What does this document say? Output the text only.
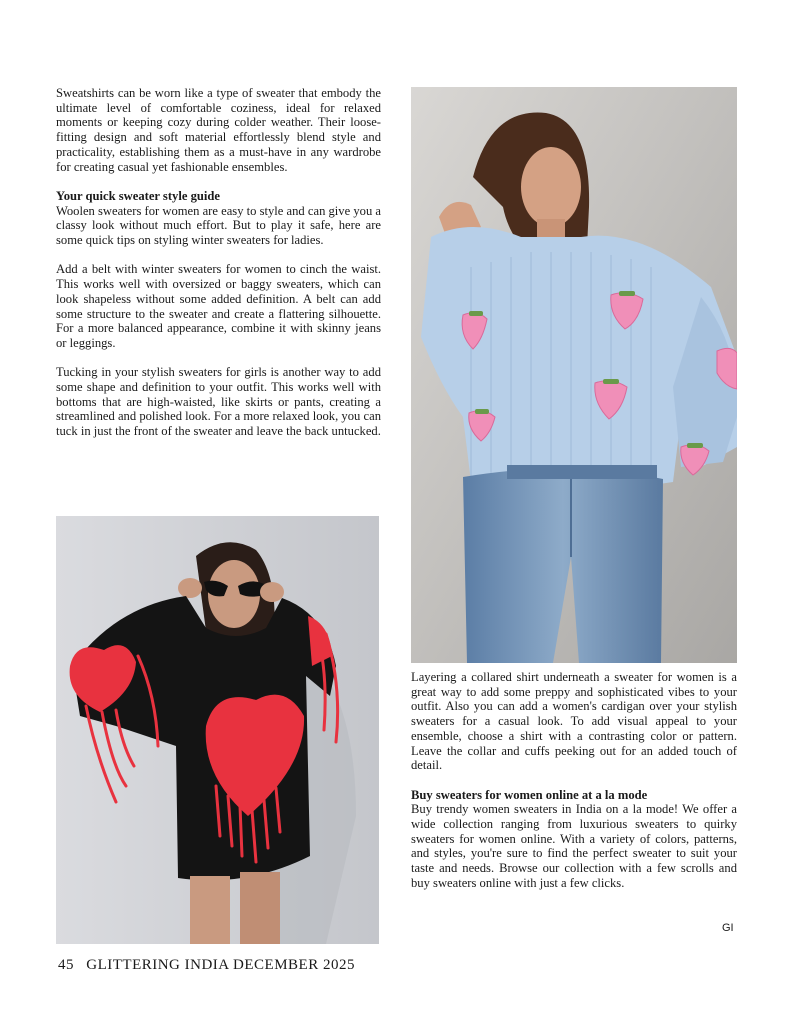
Sweatshirts can be worn like a type of sweater that embody the ultimate level of comfortable coziness, ideal for relaxed moments or keeping cozy during colder weather. Their loose-fitting design and soft material effortlessly blend style and practicality, establishing them as a must-have in any wardrobe for creating casual yet fashionable ensembles.

Your quick sweater style guide

Woolen sweaters for women are easy to style and can give you a classy look without much effort. But to play it safe, here are some quick tips on styling winter sweaters for ladies.

Add a belt with winter sweaters for women to cinch the waist. This works well with oversized or baggy sweaters, which can look shapeless without some added definition. A belt can add some structure to the sweater and create a flattering silhouette. For a more balanced appearance, combine it with skinny jeans or leggings.

Tucking in your stylish sweaters for girls is another way to add some shape and definition to your outfit. This works well with bottoms that are high-waisted, like skirts or pants, creating a streamlined and polished look. For a more relaxed look, you can tuck in just the front of the sweater and leave the back untucked.

Layering a collared shirt underneath a sweater for women is a great way to add some preppy and sophisticated vibes to your outfit. Also you can add a women's cardigan over your stylish sweaters for a casual look. To add visual appeal to your ensemble, choose a shirt with a contrasting color or pattern. Leave the collar and cuffs peeking out for an added touch of detail.

Buy sweaters for women online at a la mode

Buy trendy women sweaters in India on a la mode! We offer a wide collection ranging from luxurious sweaters to quirky sweaters for women online. With a variety of colors, patterns, and styles, you're sure to find the perfect sweater to suit your taste and needs. Browse our collection with a few scrolls and buy sweaters online with just a few clicks.

GI
45 GLITTERING INDIA DECEMBER 2025
